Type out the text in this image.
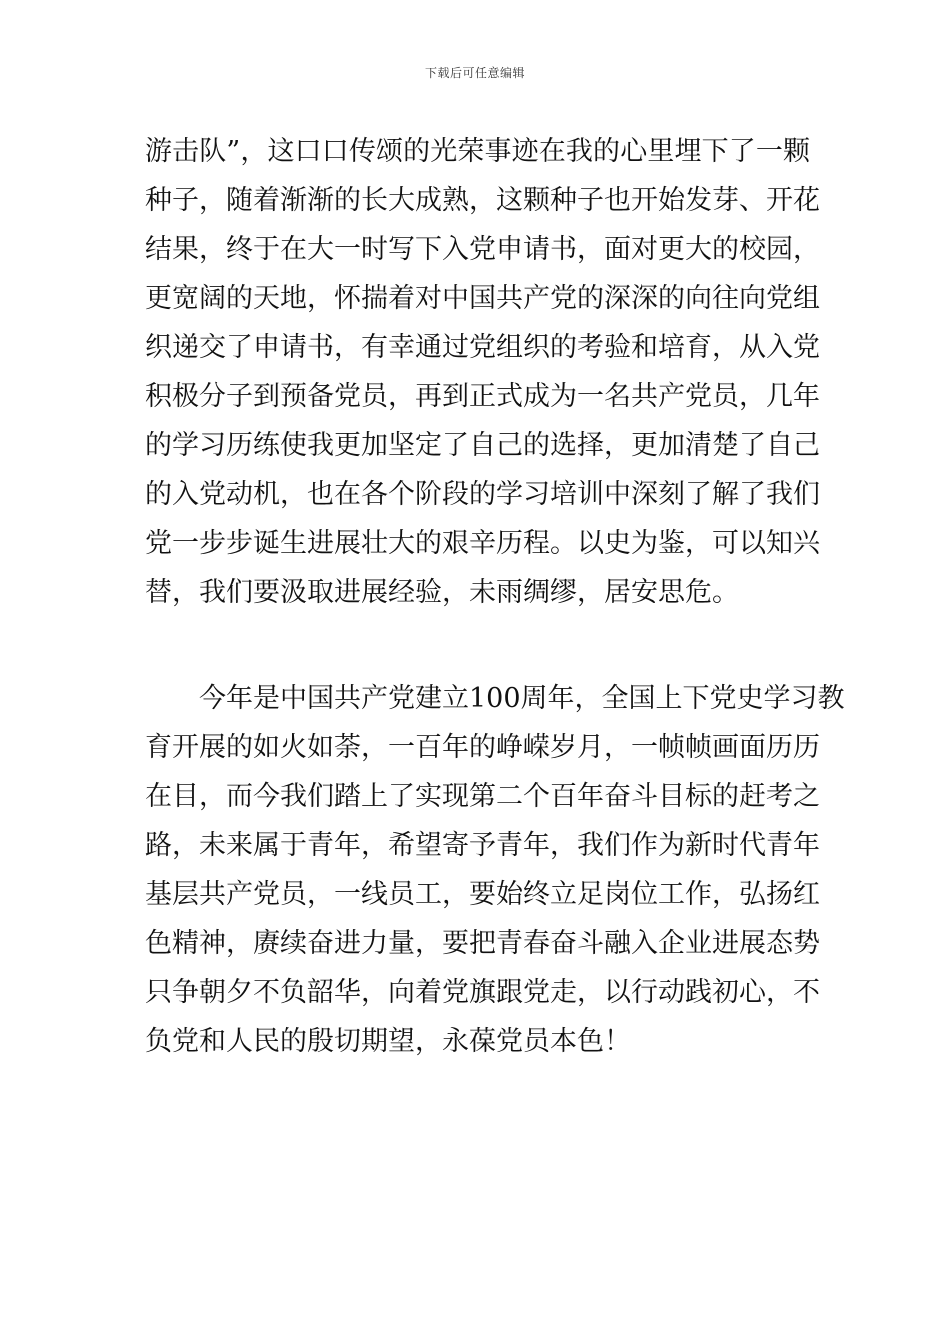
下载后可任意编辑

游击队”，这口口传颂的光荣事迹在我的心里埋下了一颗
种子，随着渐渐的长大成熟，这颗种子也开始发芽、开花
结果，终于在大一时写下入党申请书，面对更大的校园，
更宽阔的天地，怀揣着对中国共产党的深深的向往向党组
织递交了申请书，有幸通过党组织的考验和培育，从入党
积极分子到预备党员，再到正式成为一名共产党员，几年
的学习历练使我更加坚定了自己的选择，更加清楚了自己
的入党动机，也在各个阶段的学习培训中深刻了解了我们
党一步步诞生进展壮大的艰辛历程。以史为鉴，可以知兴
替，我们要汲取进展经验，未雨绸缪，居安思危。

今年是中国共产党建立100周年，全国上下党史学习教
育开展的如火如荼，一百年的峥嵘岁月，一帧帧画面历历
在目，而今我们踏上了实现第二个百年奋斗目标的赶考之
路，未来属于青年，希望寄予青年，我们作为新时代青年
基层共产党员，一线员工，要始终立足岗位工作，弘扬红
色精神，赓续奋进力量，要把青春奋斗融入企业进展态势
只争朝夕不负韶华，向着党旗跟党走，以行动践初心，不
负党和人民的殷切期望，永葆党员本色！
